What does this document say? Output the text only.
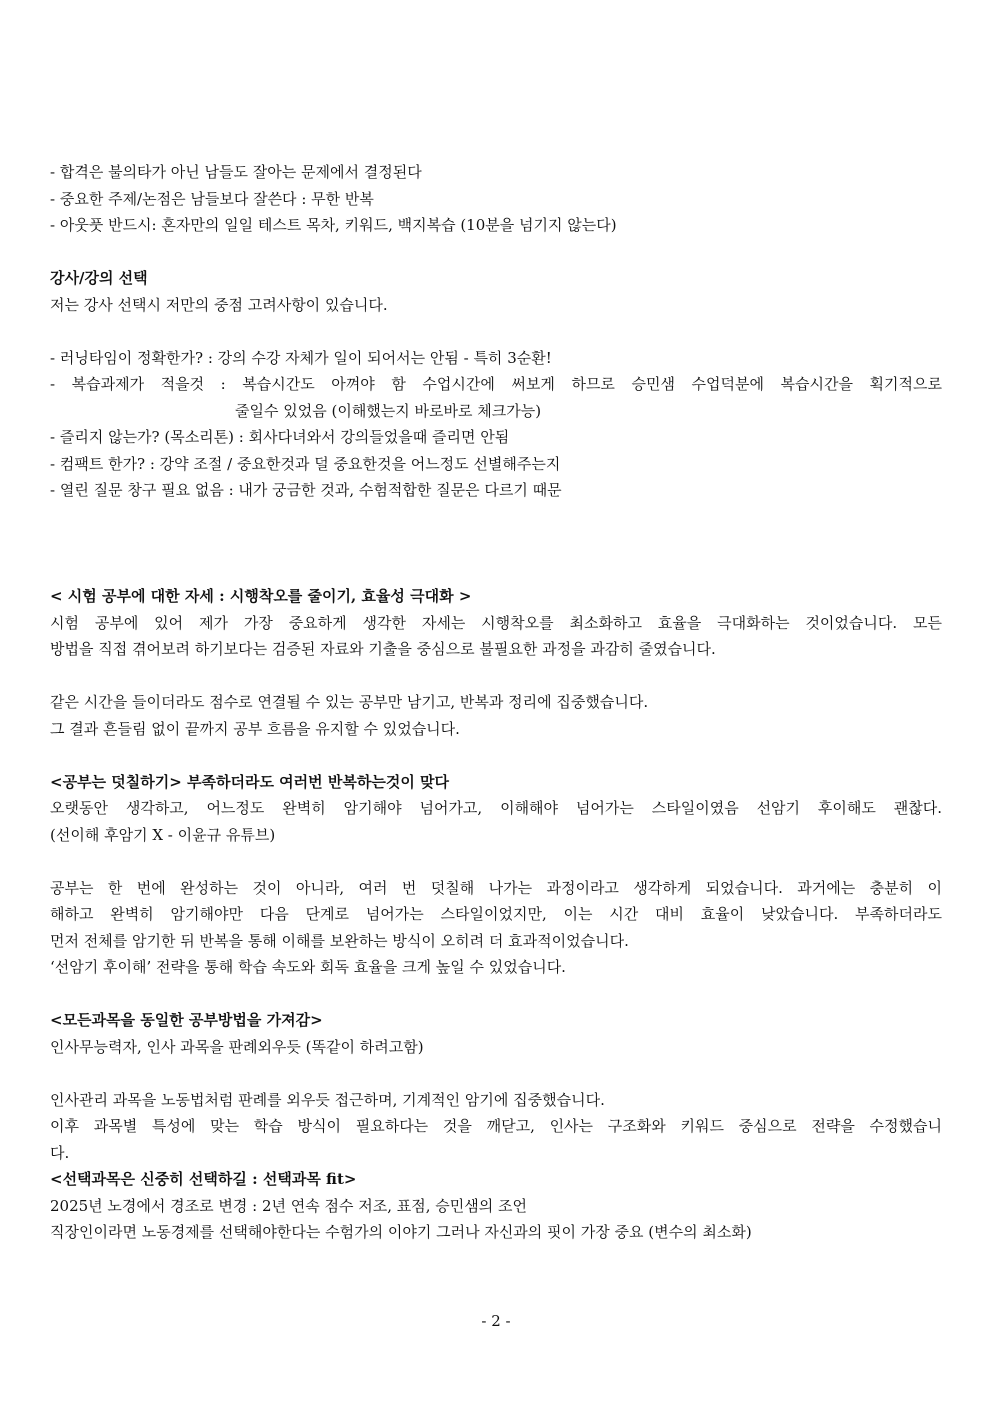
- 합격은 불의타가 아닌 남들도 잘아는 문제에서 결정된다
- 중요한 주제/논점은 남들보다 잘쓴다 : 무한 반복
- 아웃풋 반드시: 혼자만의 일일 테스트 목차, 키워드, 백지복습 (10분을 넘기지 않는다)
강사/강의 선택
저는 강사 선택시 저만의 중점 고려사항이 있습니다.
- 러닝타임이 정확한가? : 강의 수강 자체가 일이 되어서는 안됨 - 특히 3순환!
- 복습과제가 적을것 : 복습시간도 아껴야 함 수업시간에 써보게 하므로 승민샘 수업덕분에 복습시간을 획기적으로
줄일수 있었음 (이해했는지 바로바로 체크가능)
- 즐리지 않는가? (목소리톤) : 회사다녀와서 강의들었을때 즐리면 안됨
- 컴팩트 한가? : 강약 조절 / 중요한것과 덜 중요한것을 어느정도 선별해주는지
- 열린 질문 창구 필요 없음 : 내가 궁금한 것과, 수험적합한 질문은 다르기 때문
< 시험 공부에 대한 자세 : 시행착오를 줄이기, 효율성 극대화 >
시험 공부에 있어 제가 가장 중요하게 생각한 자세는 시행착오를 최소화하고 효율을 극대화하는 것이었습니다. 모든
방법을 직접 겪어보려 하기보다는 검증된 자료와 기출을 중심으로 불필요한 과정을 과감히 줄였습니다.
같은 시간을 들이더라도 점수로 연결될 수 있는 공부만 남기고, 반복과 정리에 집중했습니다.
그 결과 흔들림 없이 끝까지 공부 흐름을 유지할 수 있었습니다.
<공부는 덧칠하기> 부족하더라도 여러번 반복하는것이 맞다
오랫동안 생각하고, 어느정도 완벽히 암기해야 넘어가고, 이해해야 넘어가는 스타일이였음 선암기 후이해도 괜찮다.
(선이해 후암기 X - 이윤규 유튜브)
공부는 한 번에 완성하는 것이 아니라, 여러 번 덧칠해 나가는 과정이라고 생각하게 되었습니다. 과거에는 충분히 이
해하고 완벽히 암기해야만 다음 단계로 넘어가는 스타일이었지만, 이는 시간 대비 효율이 낮았습니다. 부족하더라도
먼저 전체를 암기한 뒤 반복을 통해 이해를 보완하는 방식이 오히려 더 효과적이었습니다.
‘선암기 후이해’ 전략을 통해 학습 속도와 회독 효율을 크게 높일 수 있었습니다.
<모든과목을 동일한 공부방법을 가져감>
인사무능력자, 인사 과목을 판례외우듯 (똑같이 하려고함)
인사관리 과목을 노동법처럼 판례를 외우듯 접근하며, 기계적인 암기에 집중했습니다.
이후 과목별 특성에 맞는 학습 방식이 필요하다는 것을 깨닫고, 인사는 구조화와 키워드 중심으로 전략을 수정했습니
다.
<선택과목은 신중히 선택하길 : 선택과목 fit>
2025년 노경에서 경조로 변경 : 2년 연속 점수 저조, 표점, 승민샘의 조언
직장인이라면 노동경제를 선택해야한다는 수험가의 이야기 그러나 자신과의 핏이 가장 중요 (변수의 최소화)
- 2 -
